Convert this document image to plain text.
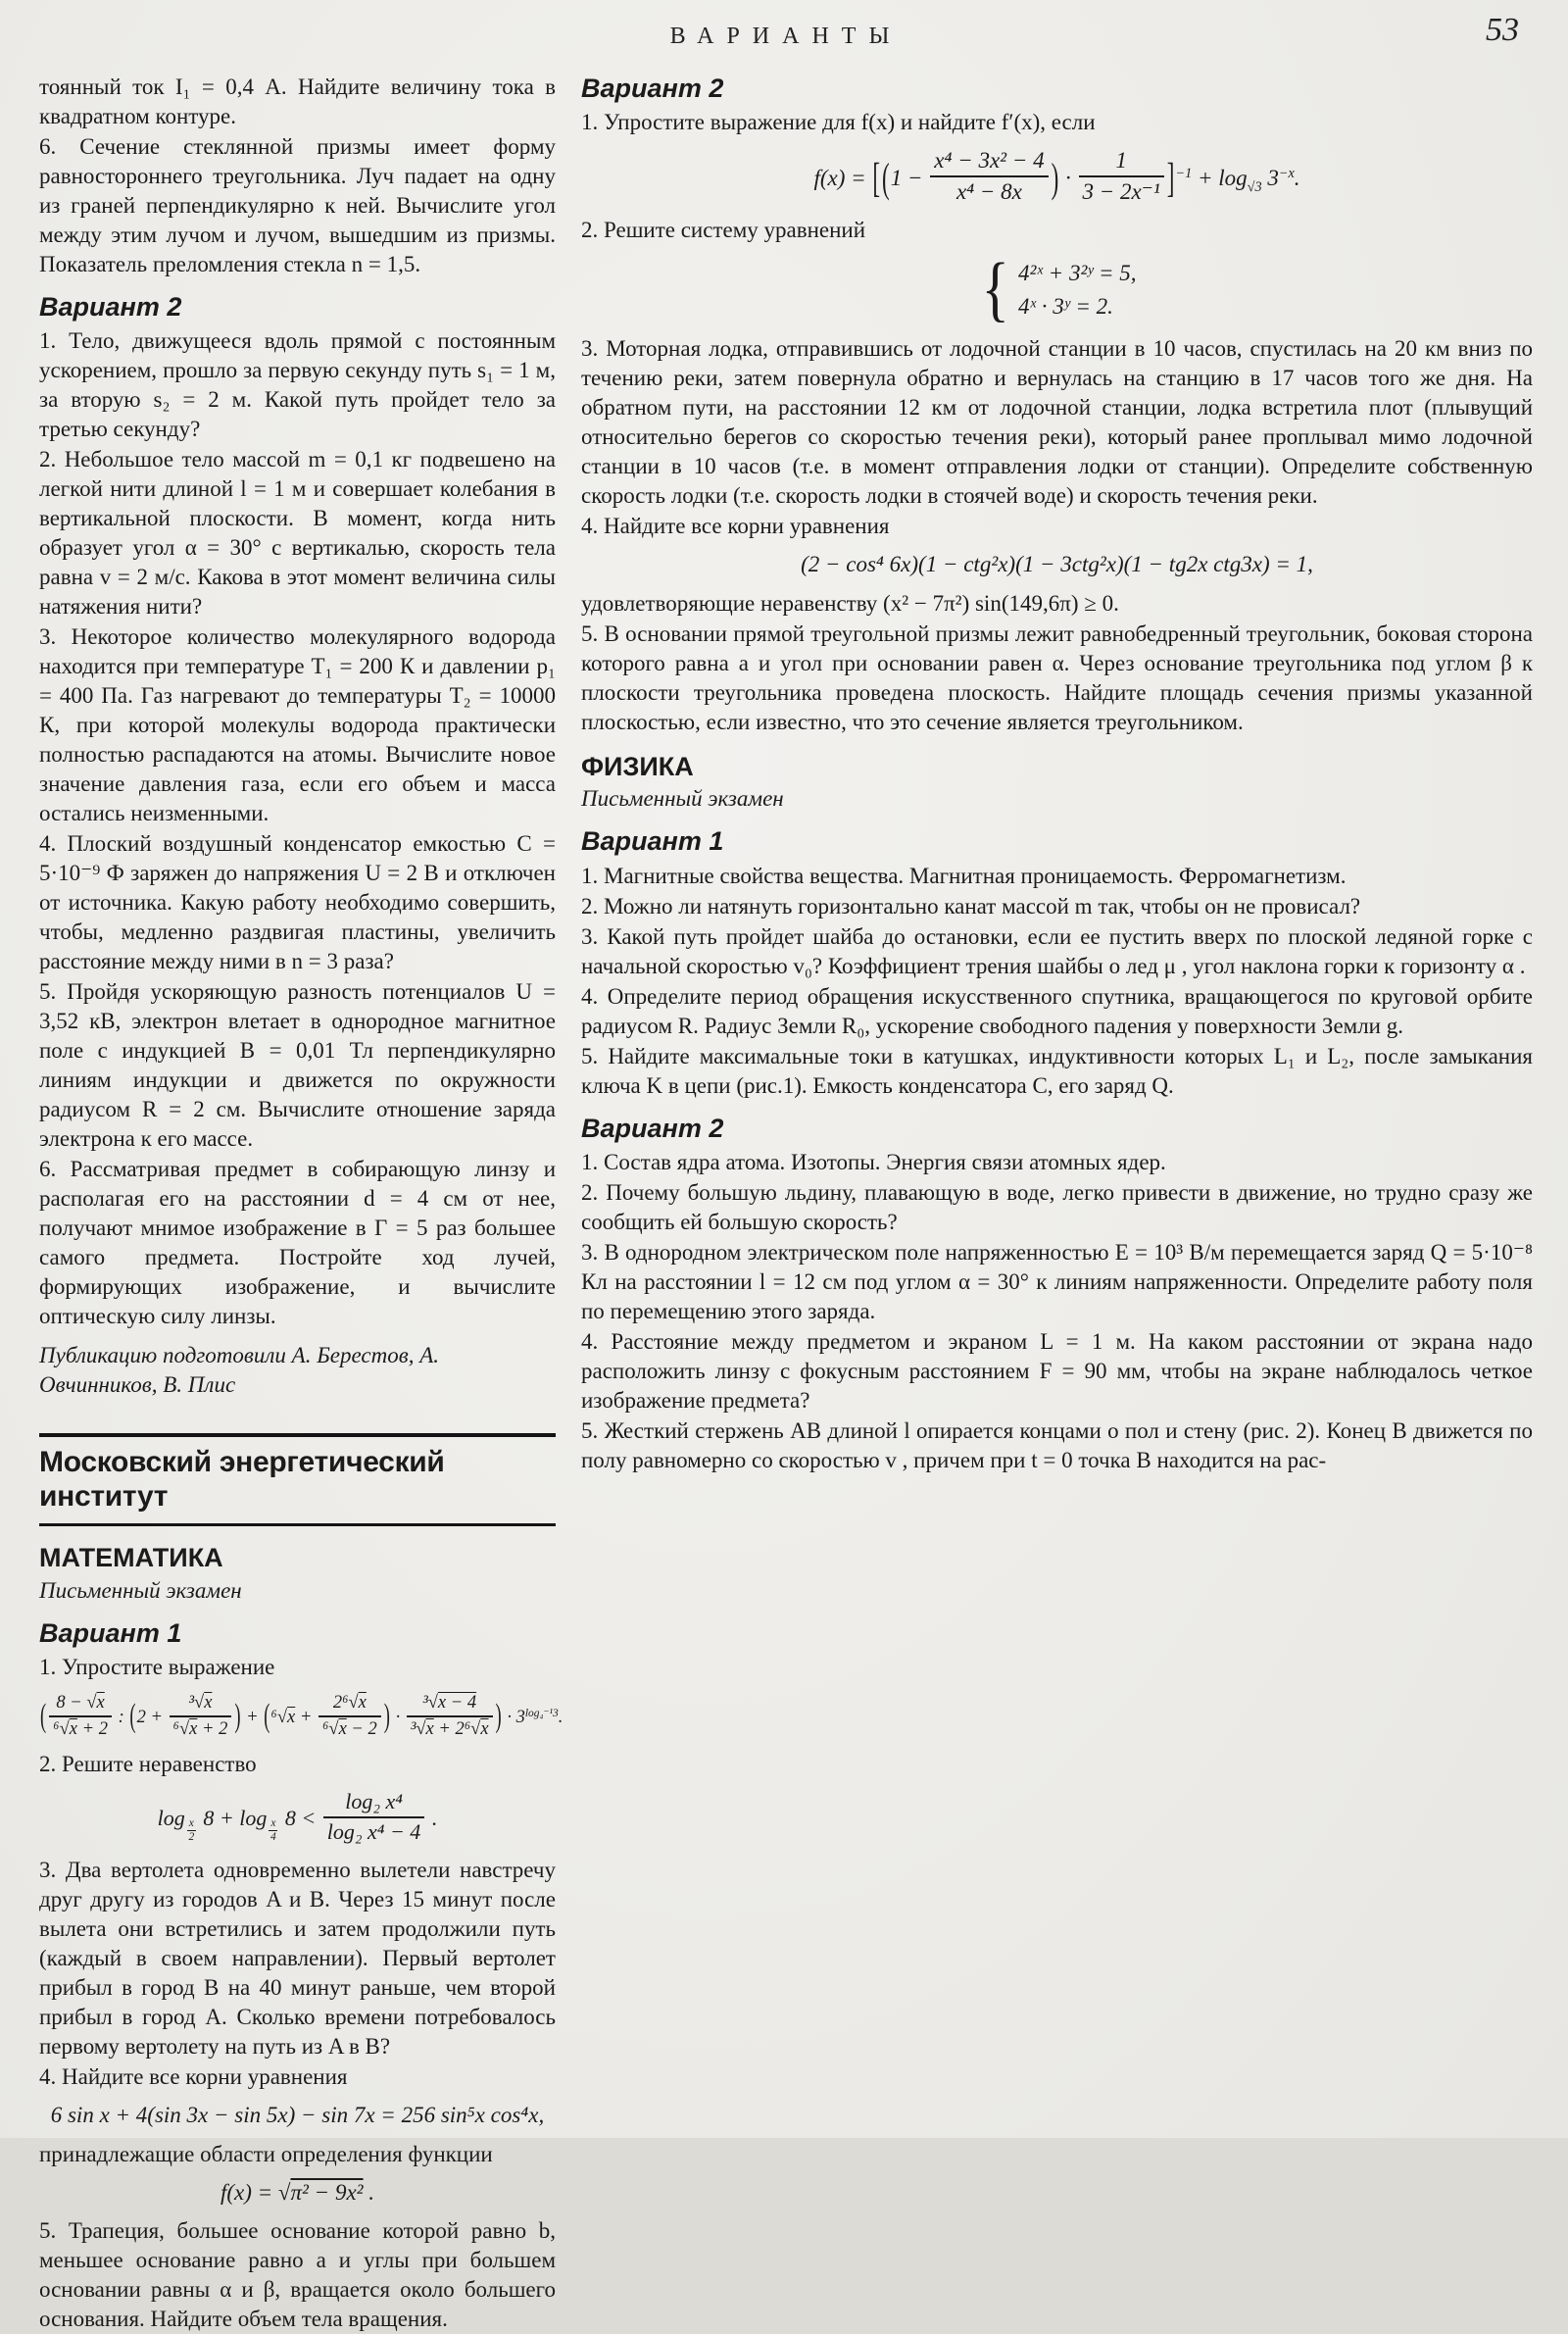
ВАРИАНТЫ	53

тоянный ток I₁ = 0,4 А. Найдите величину тока в квадратном контуре.

6. Сечение стеклянной призмы имеет форму равностороннего треугольника. Луч падает на одну из граней перпендикулярно к ней. Вычислите угол между этим лучом и лучом, вышедшим из призмы. Показатель преломления стекла n = 1,5.

Вариант 2

1. Тело, движущееся вдоль прямой с постоянным ускорением, прошло за первую секунду путь s₁ = 1 м, за вторую s₂ = 2 м. Какой путь пройдет тело за третью секунду?

2. Небольшое тело массой m = 0,1 кг подвешено на легкой нити длиной l = 1 м и совершает колебания в вертикальной плоскости. В момент, когда нить образует угол α = 30° с вертикалью, скорость тела равна v = 2 м/с. Какова в этот момент величина силы натяжения нити?

3. Некоторое количество молекулярного водорода находится при температуре T₁ = 200 К и давлении p₁ = 400 Па. Газ нагревают до температуры T₂ = 10000 К, при которой молекулы водорода практически полностью распадаются на атомы. Вычислите новое значение давления газа, если его объем и масса остались неизменными.

4. Плоский воздушный конденсатор емкостью C = 5·10⁻⁹ Ф заряжен до напряжения U = 2 В и отключен от источника. Какую работу необходимо совершить, чтобы, медленно раздвигая пластины, увеличить расстояние между ними в n = 3 раза?

5. Пройдя ускоряющую разность потенциалов U = 3,52 кВ, электрон влетает в однородное магнитное поле с индукцией B = 0,01 Тл перпендикулярно линиям индукции и движется по окружности радиусом R = 2 см. Вычислите отношение заряда электрона к его массе.

6. Рассматривая предмет в собирающую линзу и располагая его на расстоянии d = 4 см от нее, получают мнимое изображение в Г = 5 раз большее самого предмета. Постройте ход лучей, формирующих изображение, и вычислите оптическую силу линзы.

Публикацию подготовили А. Берестов, А. Овчинников, В. Плис

Московский энергетический институт
МАТЕМАТИКА

Письменный экзамен

Вариант 1

1. Упростите выражение

( $\frac{8 - √x}{\text{⁶√x + 2}}$ : ($2 + \frac{\text{³√x}}{\text{⁶√x + 2}}$ ) + ($^6√x + \frac{\text{2⁶√x}}{\text{⁶√x − 2}}$ ) · $\frac{\text{³√x − 4}}{\text{³√x + 2⁶√x}}$ ) · $3^{log_4^{-1}3}$.

2. Решите неравенство

$\log \frac{x}{2} 8 + \log \frac{x}{4} 8 < \frac{\text{log₂ x⁴}}{\text{log₂ x⁴ − 4}}$ .

3. Два вертолета одновременно вылетели навстречу друг другу из городов A и B. Через 15 минут после вылета они встретились и затем продолжили путь (каждый в своем направлении). Первый вертолет прибыл в город B на 40 минут раньше, чем второй прибыл в город A. Сколько времени потребовалось первому вертолету на путь из A в B?

4. Найдите все корни уравнения

6 sin x + 4(sin 3x − sin 5x) − sin 7x = 256 sin⁵x cos⁴x,

принадлежащие области определения функции

f(x) = √π² − 9x² .

5. Трапеция, большее основание которой равно b, меньшее основание равно a и углы при большем основании равны α и β, вращается около большего основания. Найдите объем тела вращения.

Вариант 2

1. Упростите выражение для f(x) и найдите f′(x), если

$f(x) = [(1 - \frac{\text{x⁴ − 3x² − 4}}{\text{x⁴ − 8x}}$ ) · $\frac{1}{\text{3 − 2x⁻¹}} ]^{-1} + \log_{√3} 3^{-x}$.

2. Решите систему уравнений

{ 4²ˣ + 3²ʸ = 5,
4ˣ · 3ʸ = 2.

3. Моторная лодка, отправившись от лодочной станции в 10 часов, спустилась на 20 км вниз по течению реки, затем повернула обратно и вернулась на станцию в 17 часов того же дня. На обратном пути, на расстоянии 12 км от лодочной станции, лодка встретила плот (плывущий относительно берегов со скоростью течения реки), который ранее проплывал мимо лодочной станции в 10 часов (т.е. в момент отправления лодки от станции). Определите собственную скорость лодки (т.е. скорость лодки в стоячей воде) и скорость течения реки.

4. Найдите все корни уравнения

(2 − cos⁴ 6x)(1 − ctg²x)(1 − 3ctg²x)(1 − tg2x ctg3x) = 1,

удовлетворяющие неравенству (x² − 7π²) sin(149,6π) ≥ 0.

5. В основании прямой треугольной призмы лежит равнобедренный треугольник, боковая сторона которого равна a и угол при основании равен α. Через основание треугольника под углом β к плоскости треугольника проведена плоскость. Найдите площадь сечения призмы указанной плоскостью, если известно, что это сечение является треугольником.

ФИЗИКА

Письменный экзамен

Вариант 1

1. Магнитные свойства вещества. Магнитная проницаемость. Ферромагнетизм.

2. Можно ли натянуть горизонтально канат массой m так, чтобы он не провисал?

3. Какой путь пройдет шайба до остановки, если ее пустить вверх по плоской ледяной горке с начальной скоростью v₀? Коэффициент трения шайбы о лед μ , угол наклона горки к горизонту α .

4. Определите период обращения искусственного спутника, вращающегося по круговой орбите радиусом R. Радиус Земли R₀, ускорение свободного падения у поверхности Земли g.

5. Найдите максимальные токи в катушках, индуктивности которых L₁ и L₂, после замыкания ключа K в цепи (рис.1). Емкость конденсатора C, его заряд Q.

Вариант 2

1. Состав ядра атома. Изотопы. Энергия связи атомных ядер.

2. Почему большую льдину, плавающую в воде, легко привести в движение, но трудно сразу же сообщить ей большую скорость?

3. В однородном электрическом поле напряженностью E = 10³ В/м перемещается заряд Q = 5·10⁻⁸ Кл на расстоянии l = 12 см под углом α = 30° к линиям напряженности. Определите работу поля по перемещению этого заряда.

4. Расстояние между предметом и экраном L = 1 м. На каком расстоянии от экрана надо расположить линзу с фокусным расстоянием F = 90 мм, чтобы на экране наблюдалось четкое изображение предмета?

5. Жесткий стержень AB длиной l опирается концами о пол и стену (рис. 2). Конец B движется по полу равномерно со скоростью v , причем при t = 0 точка B находится на рас-
